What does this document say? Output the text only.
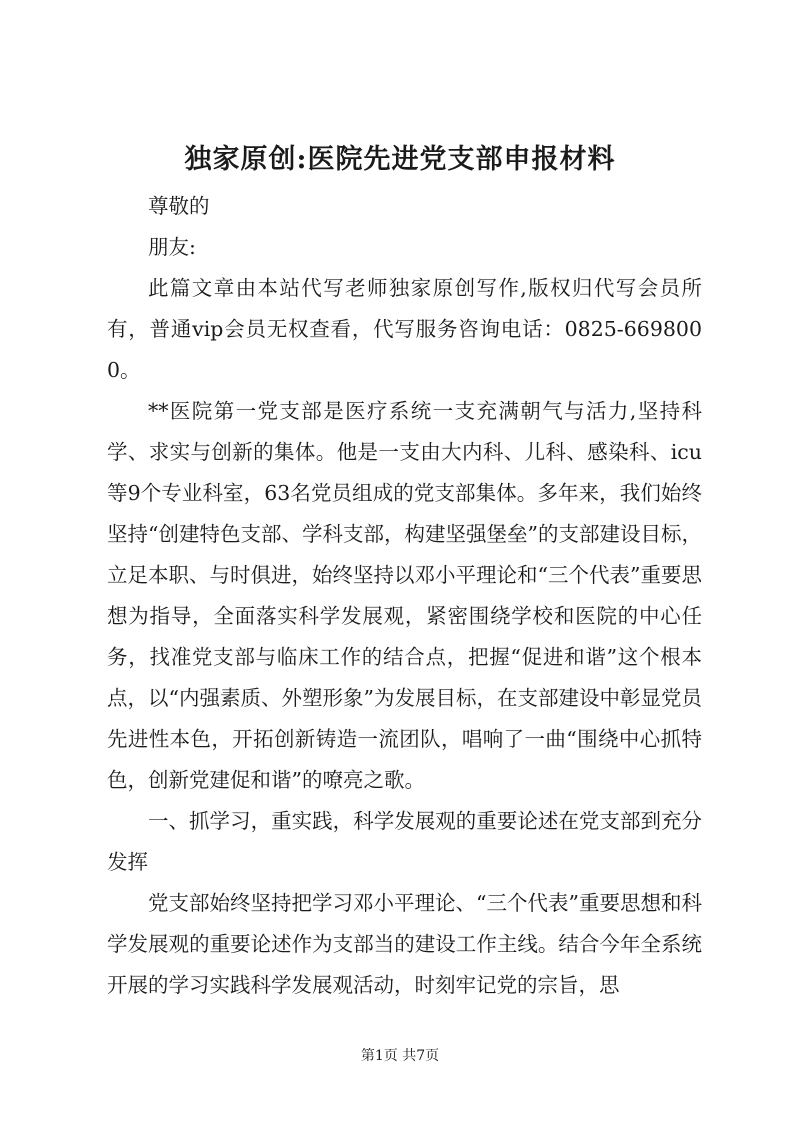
独家原创:医院先进党支部申报材料

尊敬的

朋友:

此篇文章由本站代写老师独家原创写作,版权归代写会员所有，普通vip会员无权查看，代写服务咨询电话：0825-6698000。

**医院第一党支部是医疗系统一支充满朝气与活力,坚持科学、求实与创新的集体。他是一支由大内科、儿科、感染科、icu等9个专业科室，63名党员组成的党支部集体。多年来，我们始终坚持“创建特色支部、学科支部，构建坚强堡垒”的支部建设目标，立足本职、与时俱进，始终坚持以邓小平理论和“三个代表”重要思想为指导，全面落实科学发展观，紧密围绕学校和医院的中心任务，找准党支部与临床工作的结合点，把握“促进和谐”这个根本点，以“内强素质、外塑形象”为发展目标，在支部建设中彰显党员先进性本色，开拓创新铸造一流团队，唱响了一曲“围绕中心抓特色，创新党建促和谐”的嘹亮之歌。

一、抓学习，重实践，科学发展观的重要论述在党支部到充分发挥

党支部始终坚持把学习邓小平理论、“三个代表”重要思想和科学发展观的重要论述作为支部当的建设工作主线。结合今年全系统开展的学习实践科学发展观活动，时刻牢记党的宗旨，思

第1页 共7页
